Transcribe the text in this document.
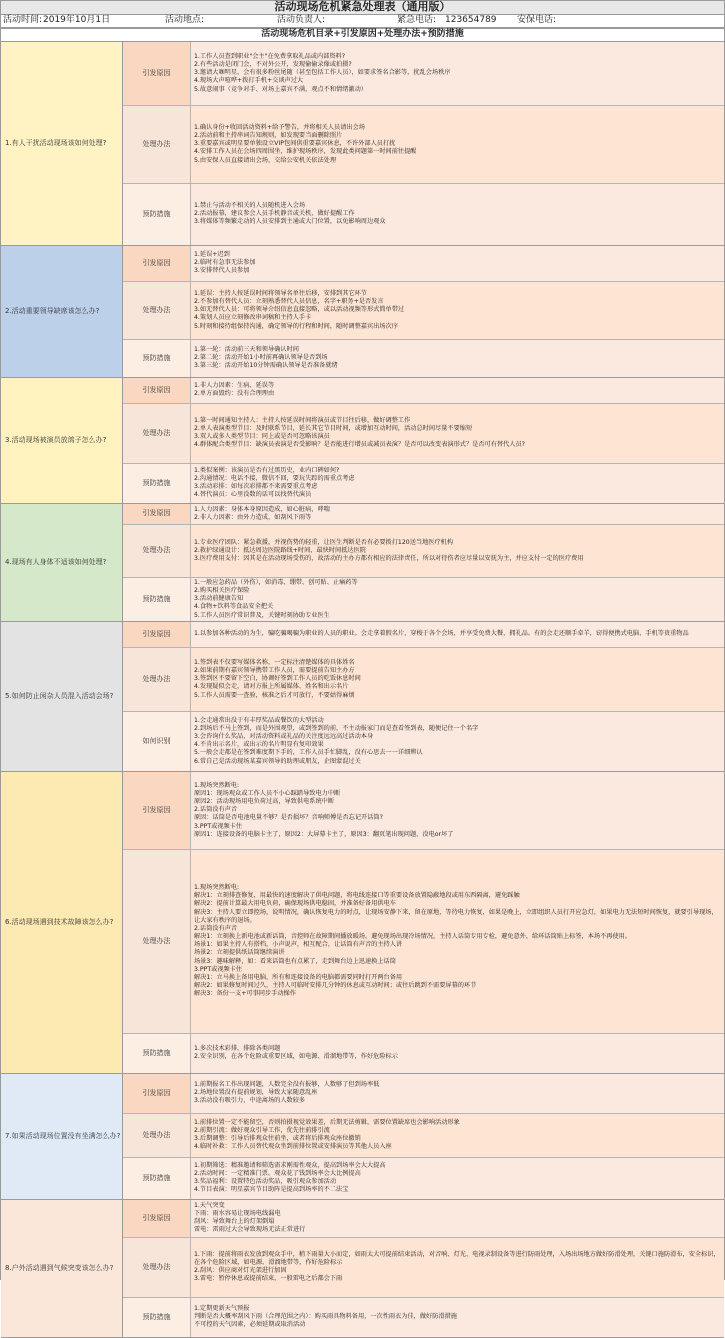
活动现场危机紧急处理表（通用版）
活动时间: 2019年10月1日	活动地点:	活动负责人:	紧急电话: 123654789	安保电话:
活动现场危机目录+引发原因+处理办法+预防措施
1.有人干扰活动现场该如何处理?
引发原因
1.工作人员查到职业"会主"在免费拿取礼品或内部资料?
2.有些活动是闭门会，不对外公开，发现偷偷录像或拍摄?
3.邀请大咖明星，会有很多粉丝尾随（甚至包括工作人员），如要求签名合影等，扰乱会场秩序
4.现场大声喧哗+拨打手机+交谈声过大
5.故意闹事（竞争对手、对场上嘉宾不满，观点不和情绪激动）
处理办法
1.确认身份+收回活动资料+给予警告，并将相关人员请出会场
2.活动前和主持串词告知规则，如发现要当面删除照片
3.重要嘉宾或明星要单独设立VIP包间供重要嘉宾休息，不许外部人员打扰
4.安排工作人员在会场四周围坐，维护现场秩序，发现此类问题第一时间前往提醒
5.由安保人员直接请出会场，交给公安机关依法处理
预防措施
1.禁止与活动不相关的人员随机进入会场
2.活动报幕，建议参会人员手机静音或关机，做好提醒工作
3.将媒体等频繁走动的人员安排到主通或大门位置，以免影响周边观众
2.活动重要领导缺席该怎么办?
引发原因
1.延误+迟到
2.临时有急事无法参加
3.安排替代人员参加
处理办法
1.延误：主持人按延误时间将领导名单往后移，安排到其它环节
2.不参加有替代人员：立刻熟悉替代人员信息，名字+职务+是否发言
3.如无替代人员：可将领导介绍信息直接忽略，或以活动视频等形式简单带过
4.策划人员应立刻修改串词稿和主持人手卡
5.时刻和接待组保持沟通，确定领导的行程和时间，随时调整嘉宾出场次序
预防措施
1.第一轮：活动前三天和领导确认时间
2.第二轮：活动开始1小时前再确认领导是否到场
3.第三轮：活动开始10分钟需确认领导是否准备就绪
3.活动现场被演员放鸽子怎么办?
引发原因
1.非人力因素：生病、延误等
2.单方面毁约：没有合理理由
处理办法
1.第一时间通知主持人：主持人按延误时间将演员或节目往后移，做好调整工作
2.单人表演类型节目：及时联系节目，延长其它节目时间，或增加互动时间，活动总时间尽量不要缩短
3.双人或多人类型节目：同上或是否可忽略该演员
4.群体配合类型节目：缺演员表演是否受影响？是否能进行增员或减员表演？是否可以改变表演形式？是否可有替代人员?
预防措施
1.类似案例：该演员是否有过黑历史，业内口碑如何?
2.沟通情况：电话不接，微信不回，要玩失踪的需重点考虑
3.活动彩排：如每次彩排都不来需要重点考虑
4.替代演员：心里没数的话可以找替代演员
4.现场有人身体不适该如何处理?
引发原因
1.人力因素：身体本身原因造成，如心脏病，哮喘
2.非人力因素：由外力造成，如刮风下雨等
处理办法
1.专业医疗团队：紧急救援，并视伤势的轻重，让医生判断是否有必要拨打120送当地医疗机构
2.救护绿通设计：抵达周边医院路线+时间，最快时间抵达医院
3.医疗费用支付：因其是在活动现场受伤的，故活动的主办方都有相应的法律责任，所以对待伤者应尽量以安抚为主，并应支付一定的医疗费用
预防措施
1.一般应急药品（外伤），如消毒、绷带、创可贴、止痛药等
2.购买相关医疗保险
3.活动前健康告知
4.食物+饮料等食品安全把关
5.工作人员医疗常识普及，关键时刻协助专业医生
5.如何防止闲杂人员混入活动会场?
引发原因	1.以参加各种活动的为生，骗吃骗喝骗为职业的人员的职业。会走拿着假名片，穿梭于各个会场，并享受免费大餐，拥礼品。有的会走还顺手牵羊，窃得便携式电脑、手机等贵重物品
处理办法
1.签到表不仅要写媒体名称，一定标注清楚媒体的具体姓名
2.如果前期有嘉宾领导携带工作人员，需要提前告知主办方
3.签到区不要留下空白，协调好签到工作人员的吃饭休息时间
4.发现疑似会走，请对方报上所属媒体、姓名和出示名片
5.工作人员需要一查验，核准之后才可放行，不要姑得麻烦
如何识别
1.会走通常出没于有丰厚奖品或餐饮的大型活动
2.到场后不马上签到，而是外围观望，或到签到的前，不主动报家门而是查看签到表，随便记住一个名字
3.会咨询什么奖品，对活动资料或礼品的关注度远远高过活动本身
4.不肯出示名片，或出示的名片明显有复印效果
5.一般会走都是在签到难度期下手的，工作人员手忙脚乱，没有心思去一一详细辨认
6.常自己是活动现场某嘉宾领导的助理或朋友，企图蒙混过关
6.活动现场遇到技术故障该怎么办?
引发原因
1.现场突然断电:
原因1：现场观众或工作人员不小心踩踏导致电力中断
原因2：活动现场用电负荷过高，导致供电系统中断
2.话筒没有声音
原因：话筒是否电池电量不够？是否损坏？音响师傅是否忘记开话筒?
3.PPT或视频卡住
原因1：连接设备的电脑卡主了，原因2：大屏幕卡主了，原因3：翻页笔出现问题，没电or坏了
处理办法
1.现场突然断电:
解决1：立刻排查修复，用最快的速度解决了供电问题，将电线连接口等重要设备放置隐蔽地段或用东西隔离，避免踩触
解决2：提前计算最大用电负荷，确保现场供电稳固，并准备好备用供电车
解决3：主持人要立即控场，说明情况，确认恢复电力的时点，让现场安静下来，留在原地，等待电力恢复，如果是晚上，立即组织人员打开应急灯，如果电力无法短时间恢复，就要引导现场，让大家有秩序的退场。
2.话筒没有声音
解决1：立刻换上新电池或新话筒，音控师在故障期间播放暖场，避免现场出现冷场情况，主持人话筒专用专检，避免意外，给环话筒贴上标签，本场不再使用。
场景1：如果主持人有搭档，小声说声，相互配合，让话筒有声音的主持人讲
场景2：立刻提供纸话筒继续演讲
场景3：趣味解释，如：看来话筒也有点累了，走到舞台边上迅速换上话筒
3.PPT或视频卡住
解决1：立马换上备用电脑，所有和连接设备的电脑都需要同时打开两台备用
解决2：如果修复时间过久，主持人可临时安排几分钟的休息或互动时间；或往后跳到不需要屏幕的环节
解决3：备份一支+可事同步手动操作
预防措施
1.多次技术彩排，排除各类问题
2.安全识别，在各个危险或重要区域，如电源、滑溜地带等，作好危险标示
7.如果活动现场位置没有坐满怎么办?
引发原因
1.前期报名工作出现问题，人数完全没有报够，人数够了但到场率低
2.场地位置没有提前规划，导致大家随意乱座
3.活动没有吸引力，中途离场的人数较多
处理办法
1.前排位置一定不能留空，否则拍摄视觉效果差，后期无法剪辑，需要位置缺席也会影响活动形象
2.前期引流：做好观众引导工作，优先往前排引流
3.后期调整：引导后排观众往前坐，或者将后排观众座位撤销
4.临时补救：工作人员替代观众坐到前排位置或安排演员等其他人员入座
预防措施
1.初期筛选：精准邀请和筛选需求刚需性观众，提高到场率会大大提高
2.活动时间：一定精准门票，观众花了钱到场率会大比例提高
3.奖品福利：设置特色活动奖品，吸引观众参加活动
4.节目表演：明星嘉宾节目助阵是提高到场率的不二法宝
8.户外活动遇到气候突变该怎么办?
引发原因
1.天气突变
下雨：雨水容易让现场电线漏电
刮风：导致舞台上的灯架倒塌
雷电：雷雨过大会导致现场无法正常进行
处理办法
1.下雨：提前将雨衣发放到观众手中，稍下雨量大小而定，如雨太大可提前结束活动，对音响、灯光、电视录制设备等进行防雨处理，入场出场地方做好防滑处理，关键口施防滑布，安全标识，在各个危险区域，如电源、滑溜地带等，作好危险标示
2.刮风：供应商对灯光架进行加固
3.雷电：暂停休息或提前结束，一般雷电之后都会下雨
预防措施
1.定期更新天气预报
判断是否大概率刮风下雨（合理范围之内）：购买雨具物料备用，一次性雨衣为佳，做好防滑措施
不可控的天气因素，必须延期或取消活动
